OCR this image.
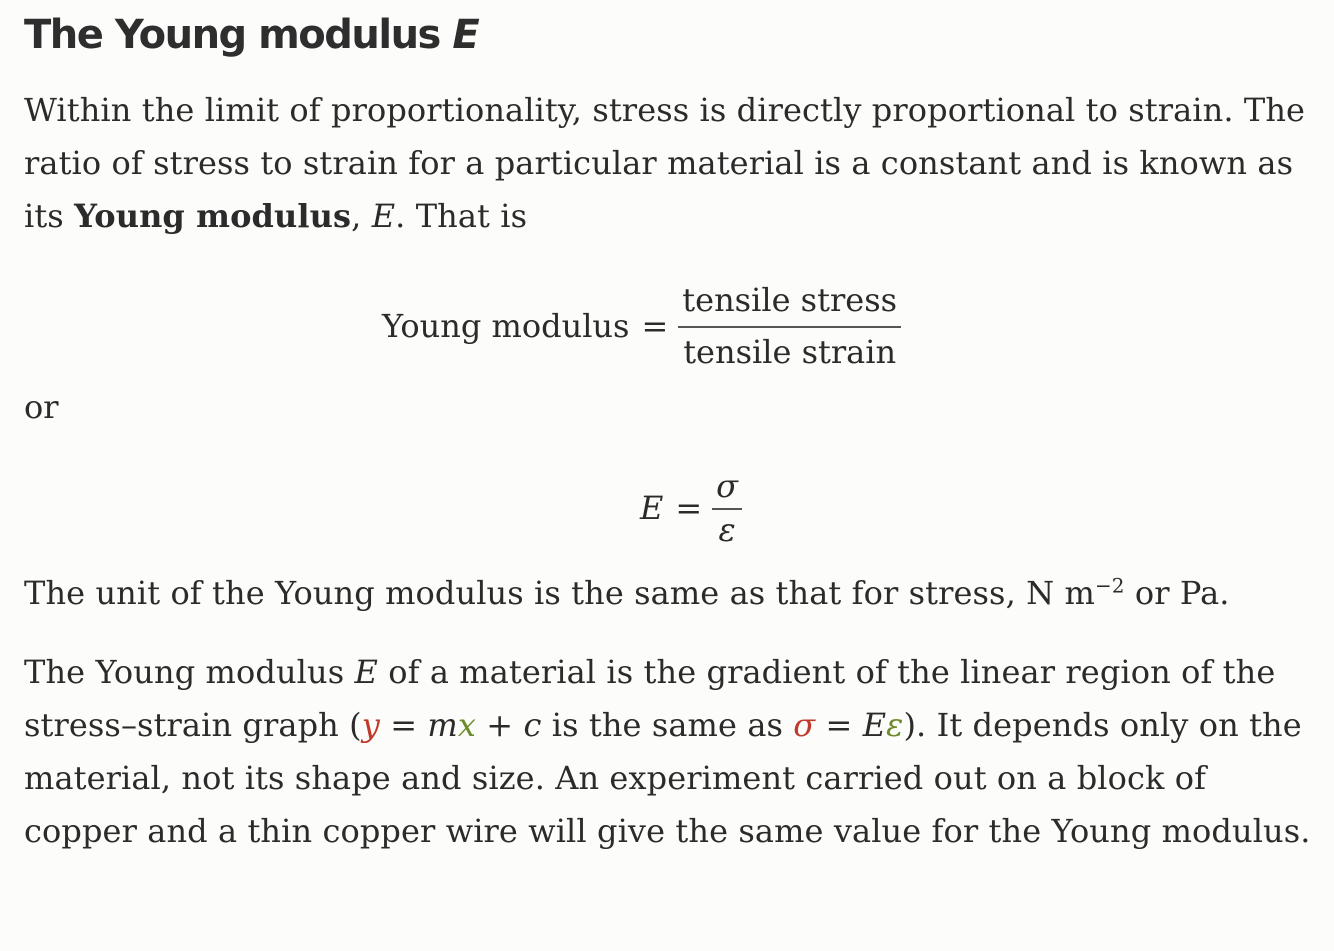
The Young modulus E

Within the limit of proportionality, stress is directly proportional to strain. The ratio of stress to strain for a particular material is a constant and is known as its Young modulus, E. That is

Young modulus = $\frac{\text{tensile stress}}{\text{tensile strain}}$

or

$E = \frac{\sigma}{\varepsilon}$

The unit of the Young modulus is the same as that for stress, N $m^{-2}$ or Pa.

The Young modulus E of a material is the gradient of the linear region of the stress–strain graph (y = mx + c is the same as σ = Eε). It depends only on the material, not its shape and size. An experiment carried out on a block of copper and a thin copper wire will give the same value for the Young modulus.
